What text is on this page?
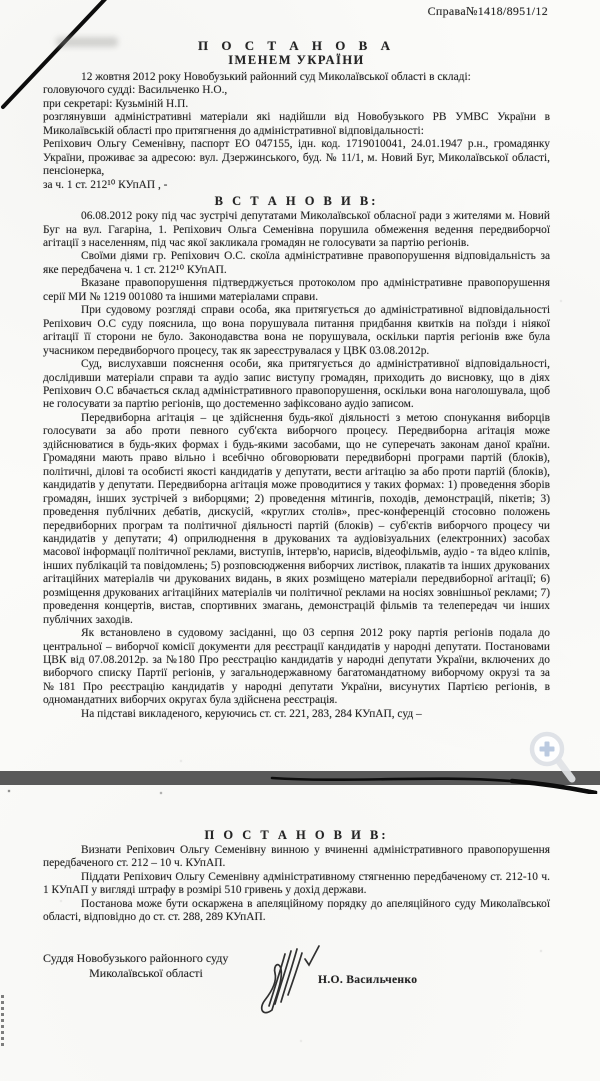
Справа№1418/8951/12
П О С Т А Н О В А
ІМЕНЕМ УКРАЇНИ

12 жовтня 2012 року Новобузький районний суд Миколаївської області в складі:

головуючого судді: Васильченко Н.О.,

при секретарі: Кузьміній Н.П.

розглянувши адміністративні матеріали які надійшли від Новобузького РВ УМВС України в Миколаївській області про притягнення до адміністративної відповідальності:

Репіхович Ольгу Семенівну, паспорт ЕО 047155, ідн. код. 1719010041, 24.01.1947 р.н., громадянку України, проживає за адресою: вул. Дзержинського, буд. № 11/1, м. Новий Буг, Миколаївської області, пенсіонерка,

за ч. 1 ст. 212¹⁰ КУпАП , -

В С Т А Н О В И В:

06.08.2012 року під час зустрічі депутатами Миколаївської обласної ради з жителями м. Новий Буг на вул. Гагаріна, 1. Репіхович Ольга Семенівна порушила обмеження ведення передвиборчої агітації з населенням, під час якої закликала громадян не голосувати за партію регіонів.

Своїми діями гр. Репіхович О.С. скоїла адміністративне правопорушення відповідальність за яке передбачена ч. 1 ст. 212¹⁰ КУпАП.

Вказане правопорушення підтверджується протоколом про адміністративне правопорушення серії МИ № 1219 001080 та іншими матеріалами справи.

При судовому розгляді справи особа, яка притягується до адміністративної відповідальності Репіхович О.С суду пояснила, що вона порушувала питання придбання квитків на поїзди і ніякої агітації її сторони не було. Законодавства вона не порушувала, оскільки партія регіонів вже була учасником передвиборчого процесу, так як зареєструвалася у ЦВК 03.08.2012р.

Суд, вислухавши пояснення особи, яка притягується до адміністративної відповідальності, дослідивши матеріали справи та аудіо запис виступу громадян, приходить до висновку, що в діях Репіхович О.С вбачається склад адміністративного правопорушення, оскільки вона наголошувала, щоб не голосувати за партію регіонів, що достеменно зафіксовано аудіо записом.

Передвиборна агітація – це здійснення будь-якої діяльності з метою спонукання виборців голосувати за або проти певного суб'єкта виборчого процесу. Передвиборна агітація може здійснюватися в будь-яких формах і будь-якими засобами, що не суперечать законам даної країни. Громадяни мають право вільно і всебічно обговорювати передвиборні програми партій (блоків), політичні, ділові та особисті якості кандидатів у депутати, вести агітацію за або проти партій (блоків), кандидатів у депутати. Передвиборна агітація може проводитися у таких формах: 1) проведення зборів громадян, інших зустрічей з виборцями; 2) проведення мітингів, походів, демонстрацій, пікетів; 3) проведення публічних дебатів, дискусій, «круглих столів», прес-конференцій стосовно положень передвиборних програм та політичної діяльності партій (блоків) – суб'єктів виборчого процесу чи кандидатів у депутати; 4) оприлюднення в друкованих та аудіовізуальних (електронних) засобах масової інформації політичної реклами, виступів, інтерв'ю, нарисів, відеофільмів, аудіо - та відео кліпів, інших публікацій та повідомлень; 5) розповсюдження виборчих листівок, плакатів та інших друкованих агітаційних матеріалів чи друкованих видань, в яких розміщено матеріали передвиборної агітації; 6) розміщення друкованих агітаційних матеріалів чи політичної реклами на носіях зовнішньої реклами; 7) проведення концертів, вистав, спортивних змагань, демонстрацій фільмів та телепередач чи інших публічних заходів.

Як встановлено в судовому засіданні, що 03 серпня 2012 року партія регіонів подала до центральної – виборчої комісії документи для реєстрації кандидатів у народні депутати. Постановами ЦВК від 07.08.2012р. за №180 Про реєстрацію кандидатів у народні депутати України, включених до виборчого списку Партії регіонів, у загальнодержавному багатомандатному виборчому окрузі та за №181 Про реєстрацію кандидатів у народні депутати України, висунутих Партією регіонів, в одномандатних виборчих округах була здійснена реєстрація.

На підставі викладеного, керуючись ст. ст. 221, 283, 284 КУпАП, суд –

П О С Т А Н О В И В:

Визнати Репіхович Ольгу Семенівну винною у вчиненні адміністративного правопорушення передбаченого ст. 212 – 10 ч. КУпАП.

Піддати Репіхович Ольгу Семенівну адміністративному стягненню передбаченому ст. 212-10 ч. 1 КУпАП у вигляді штрафу в розмірі 510 гривень у дохід держави.

Постанова може бути оскаржена в апеляційному порядку до апеляційного суду Миколаївської області, відповідно до ст. ст. 288, 289 КУпАП.

Суддя Новобузького районного суду
Миколаївської області	Н.О. Васильченко
